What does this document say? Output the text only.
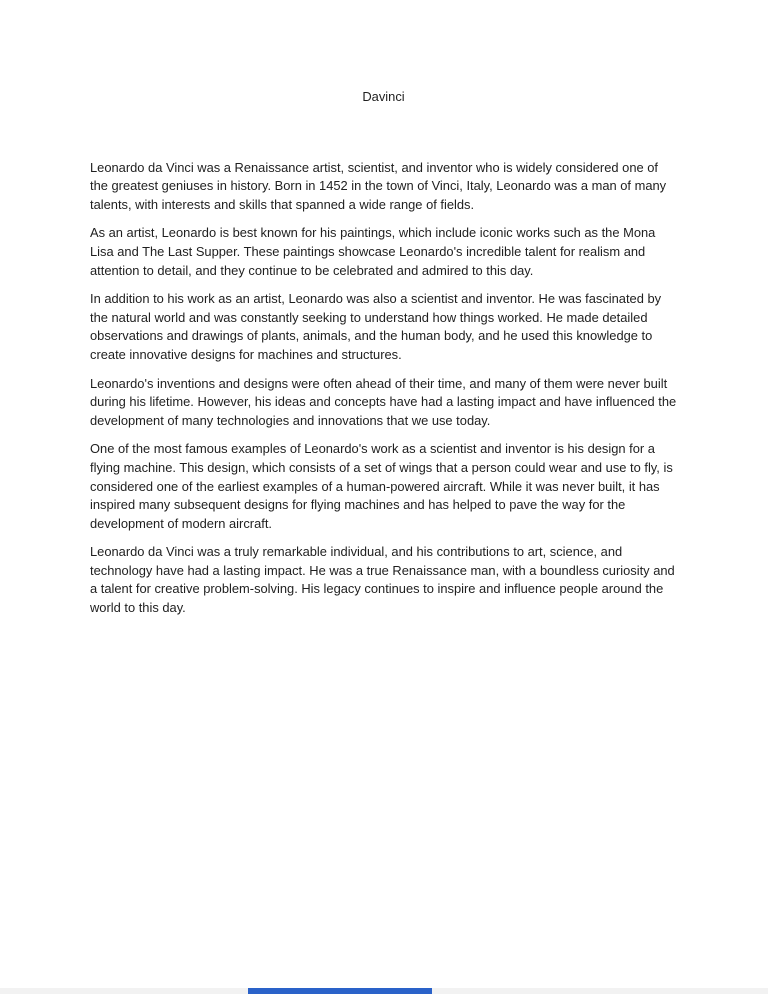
Davinci

Leonardo da Vinci was a Renaissance artist, scientist, and inventor who is widely considered one of the greatest geniuses in history. Born in 1452 in the town of Vinci, Italy, Leonardo was a man of many talents, with interests and skills that spanned a wide range of fields.

As an artist, Leonardo is best known for his paintings, which include iconic works such as the Mona Lisa and The Last Supper. These paintings showcase Leonardo's incredible talent for realism and attention to detail, and they continue to be celebrated and admired to this day.

In addition to his work as an artist, Leonardo was also a scientist and inventor. He was fascinated by the natural world and was constantly seeking to understand how things worked. He made detailed observations and drawings of plants, animals, and the human body, and he used this knowledge to create innovative designs for machines and structures.

Leonardo's inventions and designs were often ahead of their time, and many of them were never built during his lifetime. However, his ideas and concepts have had a lasting impact and have influenced the development of many technologies and innovations that we use today.

One of the most famous examples of Leonardo's work as a scientist and inventor is his design for a flying machine. This design, which consists of a set of wings that a person could wear and use to fly, is considered one of the earliest examples of a human-powered aircraft. While it was never built, it has inspired many subsequent designs for flying machines and has helped to pave the way for the development of modern aircraft.

Leonardo da Vinci was a truly remarkable individual, and his contributions to art, science, and technology have had a lasting impact. He was a true Renaissance man, with a boundless curiosity and a talent for creative problem-solving. His legacy continues to inspire and influence people around the world to this day.
